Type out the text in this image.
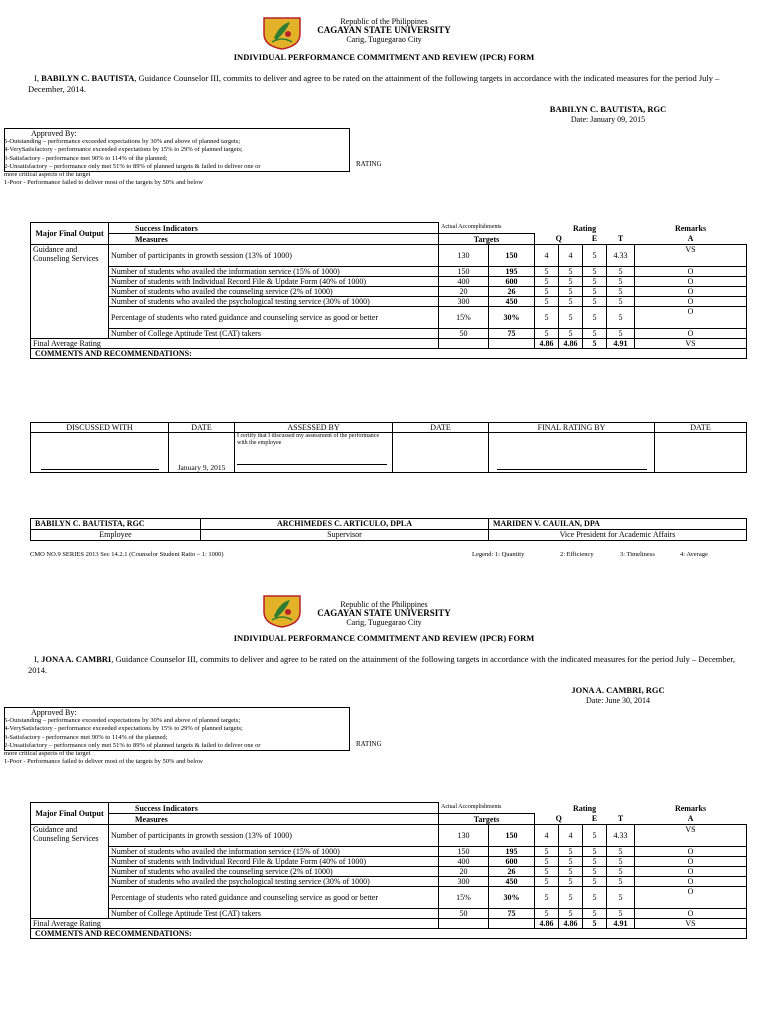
Republic of the Philippines
CAGAYAN STATE UNIVERSITY
Carig, Tuguegarao City
INDIVIDUAL PERFORMANCE COMMITMENT AND REVIEW (IPCR) FORM
I, BABILYN C. BAUTISTA, Guidance Counselor III, commits to deliver and agree to be rated on the attainment of the following targets in accordance with the indicated measures for the period July – December, 2014.
BABILYN C. BAUTISTA, RGC
Date: January 09, 2015
Approved By:
5-Outstanding – performance exceeded expectations by 30% and above of planned targets;
4-VerySatisfactory - performance exceeded expectations by 15% to 29% of planned targets;
3-Satisfactory - performance met 90% to 114% of the planned;
2-Unsatisfactory – performance only met 51% to 89% of planned targets & failed to deliver one or
more critical aspects of the target
1-Poor - Performance failed to deliver most of the targets by 50% and below
RATING
Major Final Output	Success Indicators	Actual Accomplishments		Rating				Remarks
	Measures	Targets		Q		E	T	A
Guidance and Counseling Services	Number of participants in growth session (13% of 1000)	130	150	4	4	5	4.33	VS
	Number of students who availed the information service (15% of 1000)	150	195	5	5	5	5	O
	Number of students with Individual Record File & Update Form (40% of 1000)	400	600	5	5	5	5	O
	Number of students who availed the counseling service (2% of 1000)	20	26	5	5	5	5	O
	Number of students who availed the psychological testing service (30% of 1000)	300	450	5	5	5	5	O
	Percentage of students who rated guidance and counseling service as good or better	15%	30%	5	5	5	5	O
	Number of College Aptitude Test (CAT) takers	50	75	5	5	5	5	O
Final Average Rating				4.86	4.86	5	4.91	VS
COMMENTS AND RECOMMENDATIONS:								
DISCUSSED WITH	DATE	ASSESSED BY	DATE	FINAL RATING BY	DATE
	January 9, 2015	I certify that I discussed my assessment of the performance with the employee			

BABILYN C. BAUTISTA, RGC	ARCHIMEDES C. ARTICULO, DPLA	MARIDEN V. CAUILAN, DPA
Employee	Supervisor	Vice President for Academic Affairs
CMO NO.9 SERIES 2013 Sec 14.2.1 (Counselor Student Ratio – 1: 1000)	Legend: 1: Quantity	2: Efficiency	3: Timeliness	4: Average
Republic of the Philippines
CAGAYAN STATE UNIVERSITY
Carig, Tuguegarao City
INDIVIDUAL PERFORMANCE COMMITMENT AND REVIEW (IPCR) FORM
I, JONA A. CAMBRI, Guidance Counselor III, commits to deliver and agree to be rated on the attainment of the following targets in accordance with the indicated measures for the period July – December, 2014.
JONA A. CAMBRI, RGC
Date: June 30, 2014
Approved By:
5-Outstanding – performance exceeded expectations by 30% and above of planned targets;
4-VerySatisfactory - performance exceeded expectations by 15% to 29% of planned targets;
3-Satisfactory - performance met 90% to 114% of the planned;
2-Unsatisfactory – performance only met 51% to 89% of planned targets & failed to deliver one or
more critical aspects of the target
1-Poor - Performance failed to deliver most of the targets by 50% and below
RATING
Major Final Output	Success Indicators	Actual Accomplishments		Rating				Remarks
	Measures	Targets		Q		E	T	A
Guidance and Counseling Services	Number of participants in growth session (13% of 1000)	130	150	4	4	5	4.33	VS
	Number of students who availed the information service (15% of 1000)	150	195	5	5	5	5	O
	Number of students with Individual Record File & Update Form (40% of 1000)	400	600	5	5	5	5	O
	Number of students who availed the counseling service (2% of 1000)	20	26	5	5	5	5	O
	Number of students who availed the psychological testing service (30% of 1000)	300	450	5	5	5	5	O
	Percentage of students who rated guidance and counseling service as good or better	15%	30%	5	5	5	5	O
	Number of College Aptitude Test (CAT) takers	50	75	5	5	5	5	O
Final Average Rating				4.86	4.86	5	4.91	VS
COMMENTS AND RECOMMENDATIONS:								
